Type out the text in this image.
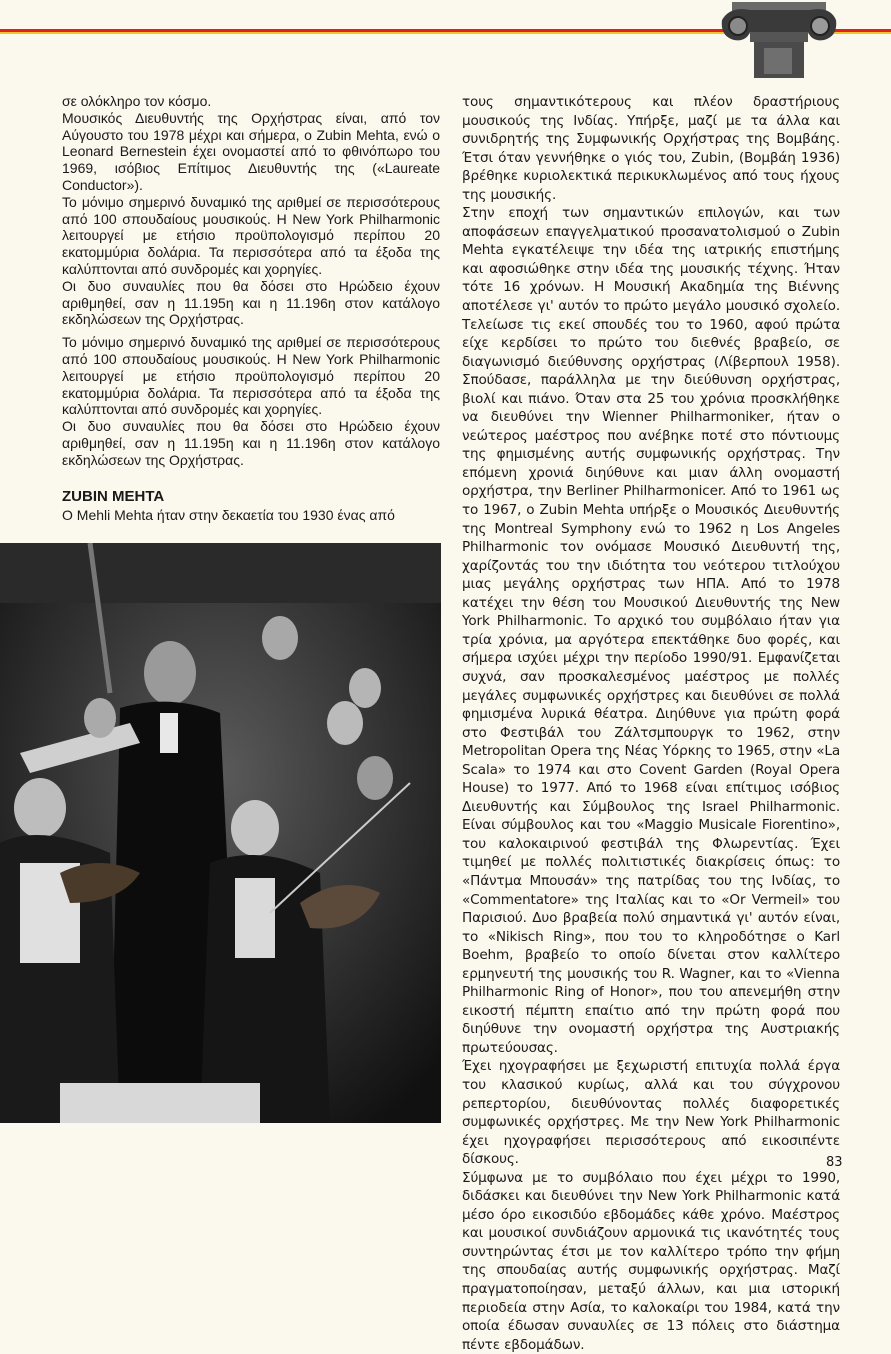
σε ολόκληρο τον κόσμο.

Μουσικός Διευθυντής της Ορχήστρας είναι, από τον Αύγουστο του 1978 μέχρι και σήμερα, ο Zubin Mehta, ενώ ο Leonard Bernestein έχει ονομαστεί από το φθινόπωρο του 1969, ισόβιος Επίτιμος Διευθυντής της («Laureate Conductor»).

Το μόνιμο σημερινό δυναμικό της αριθμεί σε περισσότερους από 100 σπουδαίους μουσικούς. Η New York Philharmonic λειτουργεί με ετήσιο προϋπολογισμό περίπου 20 εκατομμύρια δολάρια. Τα περισσότερα από τα έξοδα της καλύπτονται από συνδρομές και χορηγίες.

Οι δυο συναυλίες που θα δόσει στο Ηρώδειο έχουν αριθμηθεί, σαν η 11.195η και η 11.196η στον κατάλογο εκδηλώσεων της Ορχήστρας.

Το μόνιμο σημερινό δυναμικό της αριθμεί σε περισσότερους από 100 σπουδαίους μουσικούς. Η New York Philharmonic λειτουργεί με ετήσιο προϋπολογισμό περίπου 20 εκατομμύρια δολάρια. Τα περισσότερα από τα έξοδα της καλύπτονται από συνδρομές και χορηγίες.

Οι δυο συναυλίες που θα δόσει στο Ηρώδειο έχουν αριθμηθεί, σαν η 11.195η και η 11.196η στον κατάλογο εκδηλώσεων της Ορχήστρας.

ZUBIN MEHTA

Ο Mehli Mehta ήταν στην δεκαετία του 1930 ένας από

τους σημαντικότερους και πλέον δραστήριους μουσικούς της Ινδίας. Υπήρξε, μαζί με τα άλλα και συνιδρητής της Συμφωνικής Ορχήστρας της Βομβάης. Έτσι όταν γεννήθηκε ο γιός του, Zubin, (Βομβάη 1936) βρέθηκε κυριολεκτικά περικυκλωμένος από τους ήχους της μουσικής.

Στην εποχή των σημαντικών επιλογών, και των αποφάσεων επαγγελματικού προσανατολισμού ο Zubin Mehta εγκατέλειψε την ιδέα της ιατρικής επιστήμης και αφοσιώθηκε στην ιδέα της μουσικής τέχνης. Ήταν τότε 16 χρόνων. Η Μουσική Ακαδημία της Βιέννης αποτέλεσε γι' αυτόν το πρώτο μεγάλο μουσικό σχολείο. Τελείωσε τις εκεί σπουδές του το 1960, αφού πρώτα είχε κερδίσει το πρώτο του διεθνές βραβείο, σε διαγωνισμό διεύθυνσης ορχήστρας (Λίβερπουλ 1958). Σπούδασε, παράλληλα με την διεύθυνση ορχήστρας, βιολί και πιάνο. Όταν στα 25 του χρόνια προσκλήθηκε να διευθύνει την Wienner Philharmoniker, ήταν ο νεώτερος μαέστρος που ανέβηκε ποτέ στο πόντιουμς της φημισμένης αυτής συμφωνικής ορχήστρας. Την επόμενη χρονιά διηύθυνε και μιαν άλλη ονομαστή ορχήστρα, την Berliner Philharmonicer. Από το 1961 ως το 1967, ο Zubin Mehta υπήρξε ο Μουσικός Διευθυντής της Montreal Symphony ενώ το 1962 η Los Angeles Philharmonic τον ονόμασε Μουσικό Διευθυντή της, χαρίζοντάς του την ιδιότητα του νεότερου τιτλούχου μιας μεγάλης ορχήστρας των ΗΠΑ. Από το 1978 κατέχει την θέση του Μουσικού Διευθυντής της New York Philharmonic. Το αρχικό του συμβόλαιο ήταν για τρία χρόνια, μα αργότερα επεκτάθηκε δυο φορές, και σήμερα ισχύει μέχρι την περίοδο 1990/91. Εμφανίζεται συχνά, σαν προσκαλεσμένος μαέστρος με πολλές μεγάλες συμφωνικές ορχήστρες και διευθύνει σε πολλά φημισμένα λυρικά θέατρα. Διηύθυνε για πρώτη φορά στο Φεστιβάλ του Ζάλτσμπουργκ το 1962, στην Metropolitan Opera της Νέας Υόρκης το 1965, στην «La Scala» το 1974 και στο Covent Garden (Royal Opera House) το 1977. Από το 1968 είναι επίτιμος ισόβιος Διευθυντής και Σύμβουλος της Israel Philharmonic. Είναι σύμβουλος και του «Maggio Musicale Fiorentino», του καλοκαιρινού φεστιβάλ της Φλωρεντίας. Έχει τιμηθεί με πολλές πολιτιστικές διακρίσεις όπως: το «Πάντμα Μπουσάν» της πατρίδας του της Ινδίας, το «Commentatore» της Ιταλίας και το «Or Vermeil» του Παρισιού. Δυο βραβεία πολύ σημαντικά γι' αυτόν είναι, το «Nikisch Ring», που του το κληροδότησε ο Karl Boehm, βραβείο το οποίο δίνεται στον καλλίτερο ερμηνευτή της μουσικής του R. Wagner, και το «Vienna Philharmonic Ring of Honor», που του απενεμήθη στην εικοστή πέμπτη επαίτιο από την πρώτη φορά που διηύθυνε την ονομαστή ορχήστρα της Αυστριακής πρωτεύουσας.

Έχει ηχογραφήσει με ξεχωριστή επιτυχία πολλά έργα του κλασικού κυρίως, αλλά και του σύγχρονου ρεπερτορίου, διευθύνοντας πολλές διαφορετικές συμφωνικές ορχήστρες. Με την New York Philharmonic έχει ηχογραφήσει περισσότερους από εικοσιπέντε δίσκους.

Σύμφωνα με το συμβόλαιο που έχει μέχρι το 1990, διδάσκει και διευθύνει την New York Philharmonic κατά μέσο όρο εικοσιδύο εβδομάδες κάθε χρόνο. Μαέστρος και μουσικοί συνδιάζουν αρμονικά τις ικανότητές τους συντηρώντας έτσι με τον καλλίτερο τρόπο την φήμη της σπουδαίας αυτής συμφωνικής ορχήστρας. Μαζί πραγματοποίησαν, μεταξύ άλλων, και μια ιστορική περιοδεία στην Ασία, το καλοκαίρι του 1984, κατά την οποία έδωσαν συναυλίες σε 13 πόλεις στο διάστημα πέντε εβδομάδων.

83
